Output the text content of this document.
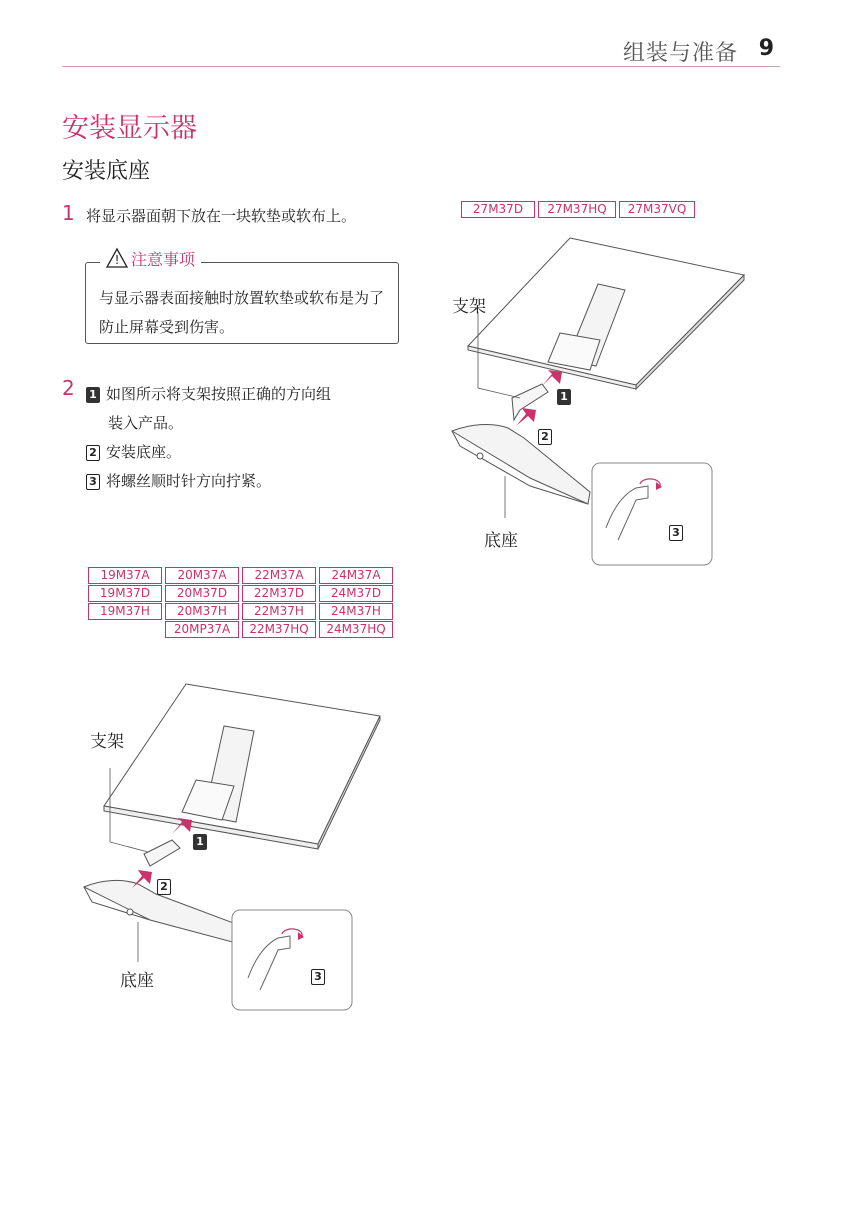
组装与准备 9
安装显示器
安装底座
1 将显示器面朝下放在一块软垫或软布上。
! 注意事项
与显示器表面接触时放置软垫或软布是为了防止屏幕受到伤害。
2 1 如图所示将支架按照正确的方向组
装入产品。
2 安装底座。
3 将螺丝顺时针方向拧紧。
27M37D	27M37HQ	27M37VQ
19M37A	20M37A	22M37A	24M37A
19M37D	20M37D	22M37D	24M37D
19M37H	20M37H	22M37H	24M37H
	20MP37A	22M37HQ	24M37HQ
支架
底座
1
2
3
支架
底座
1
2
3
